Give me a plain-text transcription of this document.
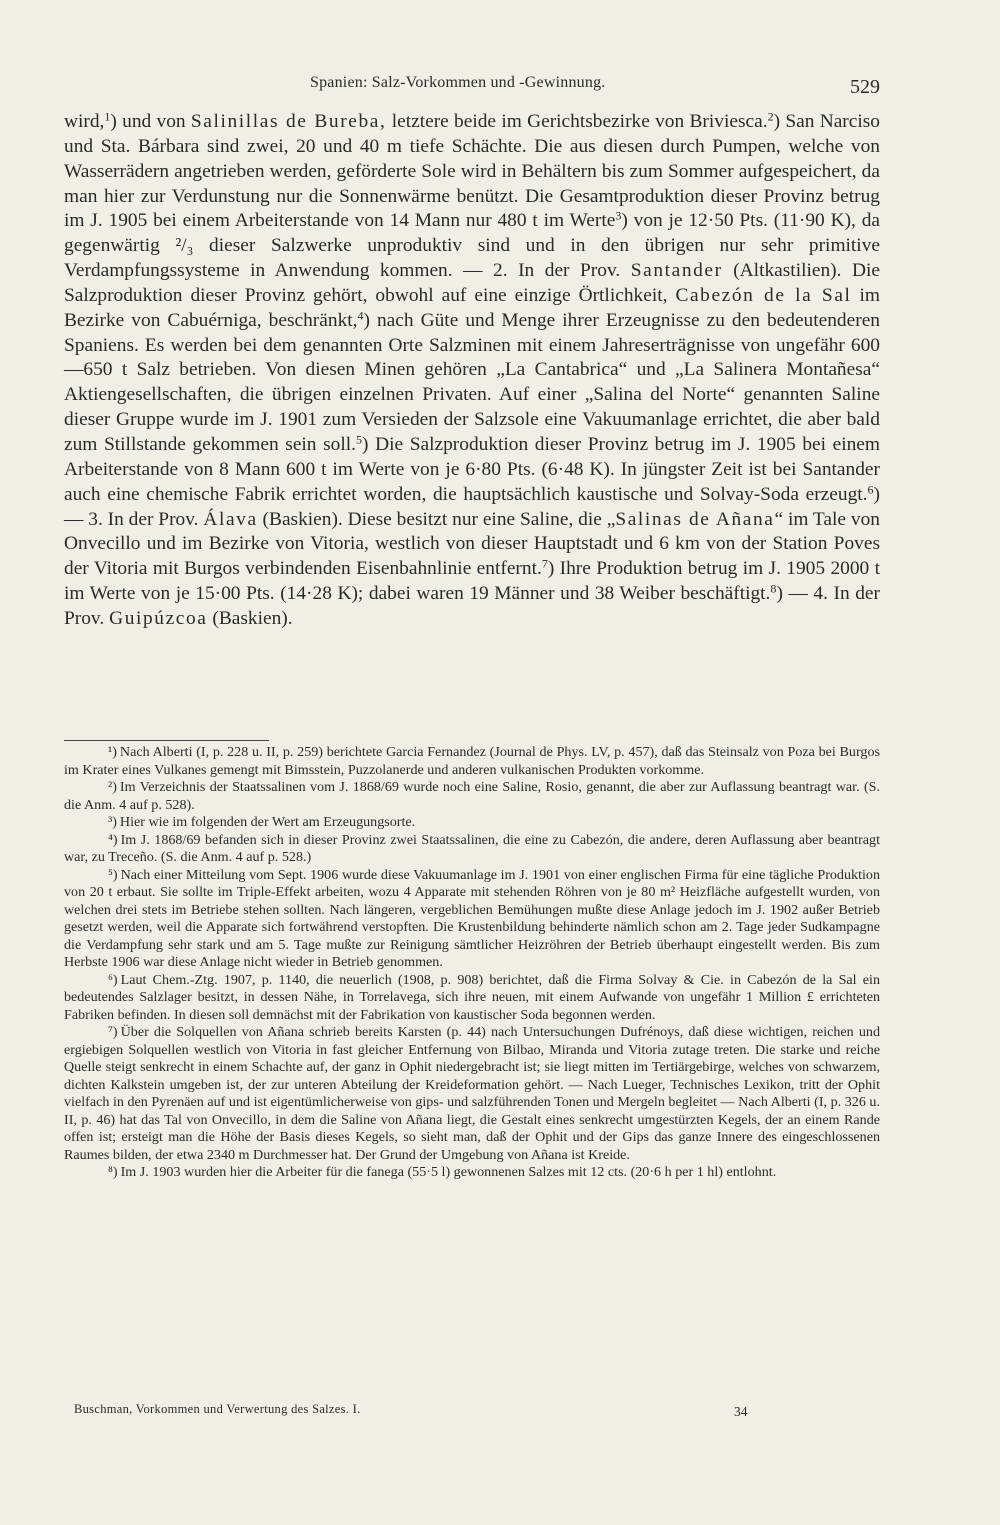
Spanien: Salz-Vorkommen und -Gewinnung.	529

wird,$^1$) und von Salinillas de Bureba, letztere beide im Gerichtsbezirke von Briviesca.$^2$) San Narciso und Sta. Bárbara sind zwei, 20 und 40 m tiefe Schächte. Die aus diesen durch Pumpen, welche von Wasserrädern angetrieben werden, geförderte Sole wird in Behältern bis zum Sommer aufgespeichert, da man hier zur Verdunstung nur die Sonnenwärme benützt. Die Gesamtproduktion dieser Provinz betrug im J. 1905 bei einem Arbeiterstande von 14 Mann nur 480 t im Werte$^3$) von je 12·50 Pts. (11·90 K), da gegenwärtig ²/₃ dieser Salzwerke unproduktiv sind und in den übrigen nur sehr primitive Verdampfungssysteme in Anwendung kommen. — 2. In der Prov. Santander (Altkastilien). Die Salzproduktion dieser Provinz gehört, obwohl auf eine einzige Örtlichkeit, Cabezón de la Sal im Bezirke von Cabuérniga, beschränkt,$^4$) nach Güte und Menge ihrer Erzeugnisse zu den bedeutenderen Spaniens. Es werden bei dem genannten Orte Salzminen mit einem Jahreserträgnisse von ungefähr 600—650 t Salz betrieben. Von diesen Minen gehören „La Cantabrica“ und „La Salinera Montañesa“ Aktiengesellschaften, die übrigen einzelnen Privaten. Auf einer „Salina del Norte“ genannten Saline dieser Gruppe wurde im J. 1901 zum Versieden der Salzsole eine Vakuumanlage errichtet, die aber bald zum Stillstande gekommen sein soll.$^5$) Die Salzproduktion dieser Provinz betrug im J. 1905 bei einem Arbeiterstande von 8 Mann 600 t im Werte von je 6·80 Pts. (6·48 K). In jüngster Zeit ist bei Santander auch eine chemische Fabrik errichtet worden, die hauptsächlich kaustische und Solvay-Soda erzeugt.$^6$) — 3. In der Prov. Álava (Baskien). Diese besitzt nur eine Saline, die „Salinas de Añana“ im Tale von Onvecillo und im Bezirke von Vitoria, westlich von dieser Hauptstadt und 6 km von der Station Poves der Vitoria mit Burgos verbindenden Eisenbahnlinie entfernt.$^7$) Ihre Produktion betrug im J. 1905 2000 t im Werte von je 15·00 Pts. (14·28 K); dabei waren 19 Männer und 38 Weiber beschäftigt.$^8$) — 4. In der Prov. Guipúzcoa (Baskien).

¹) Nach Alberti (I, p. 228 u. II, p. 259) berichtete Garcia Fernandez (Journal de Phys. LV, p. 457), daß das Steinsalz von Poza bei Burgos im Krater eines Vulkanes gemengt mit Bimsstein, Puzzolanerde und anderen vulkanischen Produkten vorkomme.

²) Im Verzeichnis der Staatssalinen vom J. 1868/69 wurde noch eine Saline, Rosio, genannt, die aber zur Auflassung beantragt war. (S. die Anm. 4 auf p. 528).

³) Hier wie im folgenden der Wert am Erzeugungsorte.

⁴) Im J. 1868/69 befanden sich in dieser Provinz zwei Staatssalinen, die eine zu Cabezón, die andere, deren Auflassung aber beantragt war, zu Treceño. (S. die Anm. 4 auf p. 528.)

⁵) Nach einer Mitteilung vom Sept. 1906 wurde diese Vakuumanlage im J. 1901 von einer englischen Firma für eine tägliche Produktion von 20 t erbaut. Sie sollte im Triple-Effekt arbeiten, wozu 4 Apparate mit stehenden Röhren von je 80 m² Heizfläche aufgestellt wurden, von welchen drei stets im Betriebe stehen sollten. Nach längeren, vergeblichen Bemühungen mußte diese Anlage jedoch im J. 1902 außer Betrieb gesetzt werden, weil die Apparate sich fortwährend verstopften. Die Krustenbildung behinderte nämlich schon am 2. Tage jeder Sudkampagne die Verdampfung sehr stark und am 5. Tage mußte zur Reinigung sämtlicher Heizröhren der Betrieb überhaupt eingestellt werden. Bis zum Herbste 1906 war diese Anlage nicht wieder in Betrieb genommen.

⁶) Laut Chem.-Ztg. 1907, p. 1140, die neuerlich (1908, p. 908) berichtet, daß die Firma Solvay & Cie. in Cabezón de la Sal ein bedeutendes Salzlager besitzt, in dessen Nähe, in Torrelavega, sich ihre neuen, mit einem Aufwande von ungefähr 1 Million £ errichteten Fabriken befinden. In diesen soll demnächst mit der Fabrikation von kaustischer Soda begonnen werden.

⁷) Über die Solquellen von Añana schrieb bereits Karsten (p. 44) nach Untersuchungen Dufrénoys, daß diese wichtigen, reichen und ergiebigen Solquellen westlich von Vitoria in fast gleicher Entfernung von Bilbao, Miranda und Vitoria zutage treten. Die starke und reiche Quelle steigt senkrecht in einem Schachte auf, der ganz in Ophit niedergebracht ist; sie liegt mitten im Tertiärgebirge, welches von schwarzem, dichten Kalkstein umgeben ist, der zur unteren Abteilung der Kreideformation gehört. — Nach Lueger, Technisches Lexikon, tritt der Ophit vielfach in den Pyrenäen auf und ist eigentümlicherweise von gips- und salzführenden Tonen und Mergeln begleitet — Nach Alberti (I, p. 326 u. II, p. 46) hat das Tal von Onvecillo, in dem die Saline von Añana liegt, die Gestalt eines senkrecht umgestürzten Kegels, der an einem Rande offen ist; ersteigt man die Höhe der Basis dieses Kegels, so sieht man, daß der Ophit und der Gips das ganze Innere des eingeschlossenen Raumes bilden, der etwa 2340 m Durchmesser hat. Der Grund der Umgebung von Añana ist Kreide.

⁸) Im J. 1903 wurden hier die Arbeiter für die fanega (55·5 l) gewonnenen Salzes mit 12 cts. (20·6 h per 1 hl) entlohnt.

Buschman, Vorkommen und Verwertung des Salzes. I.	34
